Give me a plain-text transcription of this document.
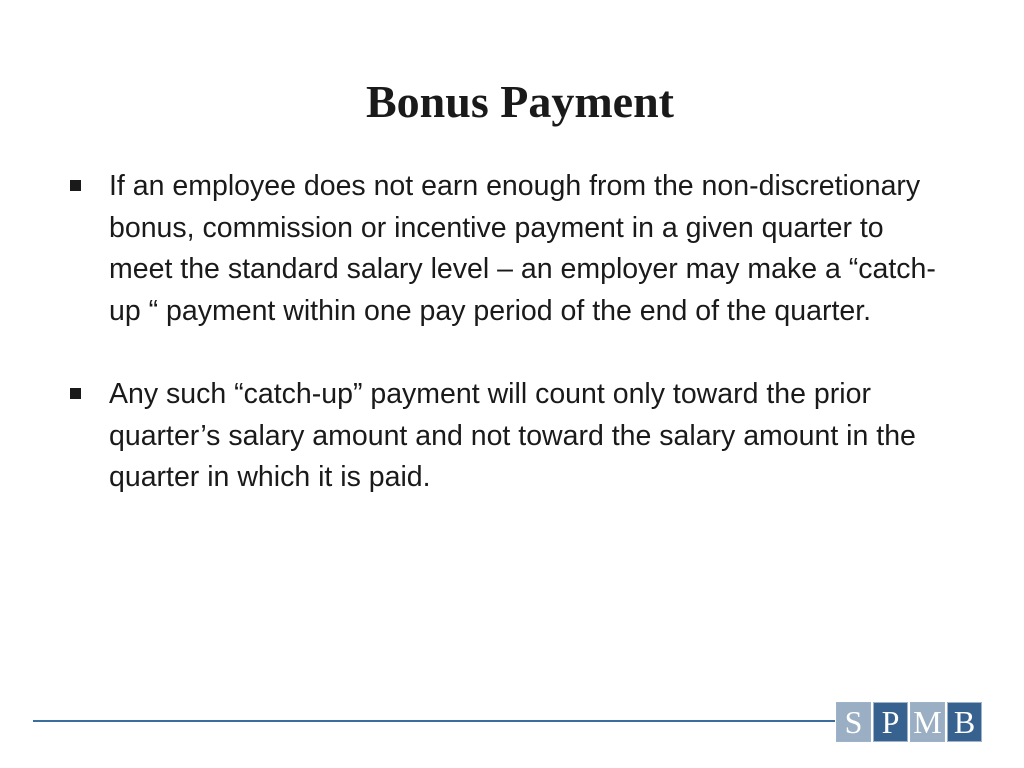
Bonus Payment
If an employee does not earn enough from the non-discretionary bonus, commission or incentive payment in a given quarter to meet the standard salary level – an employer may make a “catch-up “ payment within one pay period of the end of the quarter.
Any such “catch-up” payment will count only toward the prior quarter’s salary amount and not toward the salary amount in the quarter in which it is paid.
S P M B
